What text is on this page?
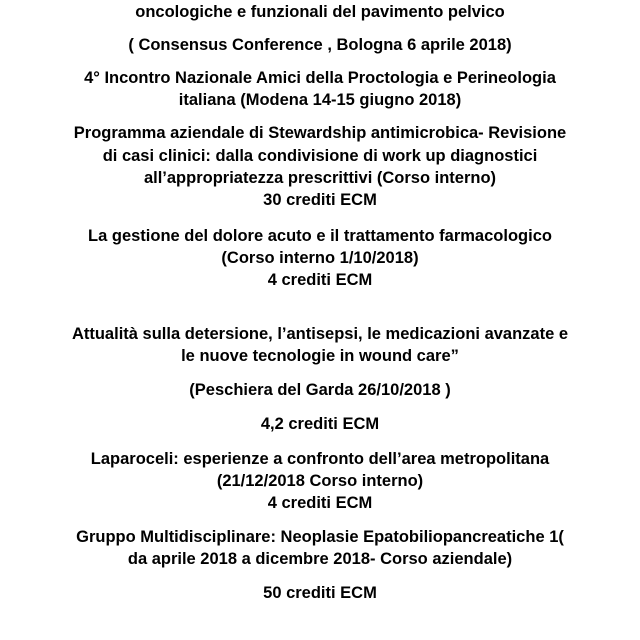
oncologiche e funzionali del pavimento pelvico
( Consensus Conference , Bologna 6 aprile 2018)
4° Incontro Nazionale Amici della Proctologia e Perineologia
italiana (Modena 14-15 giugno 2018)
Programma aziendale di Stewardship antimicrobica- Revisione
di casi clinici: dalla condivisione di work up diagnostici
all’appropriatezza prescrittivi (Corso interno)
30 crediti ECM
La gestione del dolore acuto e il trattamento farmacologico
(Corso interno 1/10/2018)
4 crediti ECM
Attualità sulla detersione, l’antisepsi, le medicazioni avanzate e
le nuove tecnologie in wound care”
(Peschiera del Garda 26/10/2018 )
4,2 crediti ECM
Laparoceli: esperienze a confronto dell’area metropolitana
(21/12/2018 Corso interno)
4 crediti ECM
Gruppo Multidisciplinare: Neoplasie Epatobiliopancreatiche 1(
da aprile 2018 a dicembre 2018- Corso aziendale)
50 crediti ECM
